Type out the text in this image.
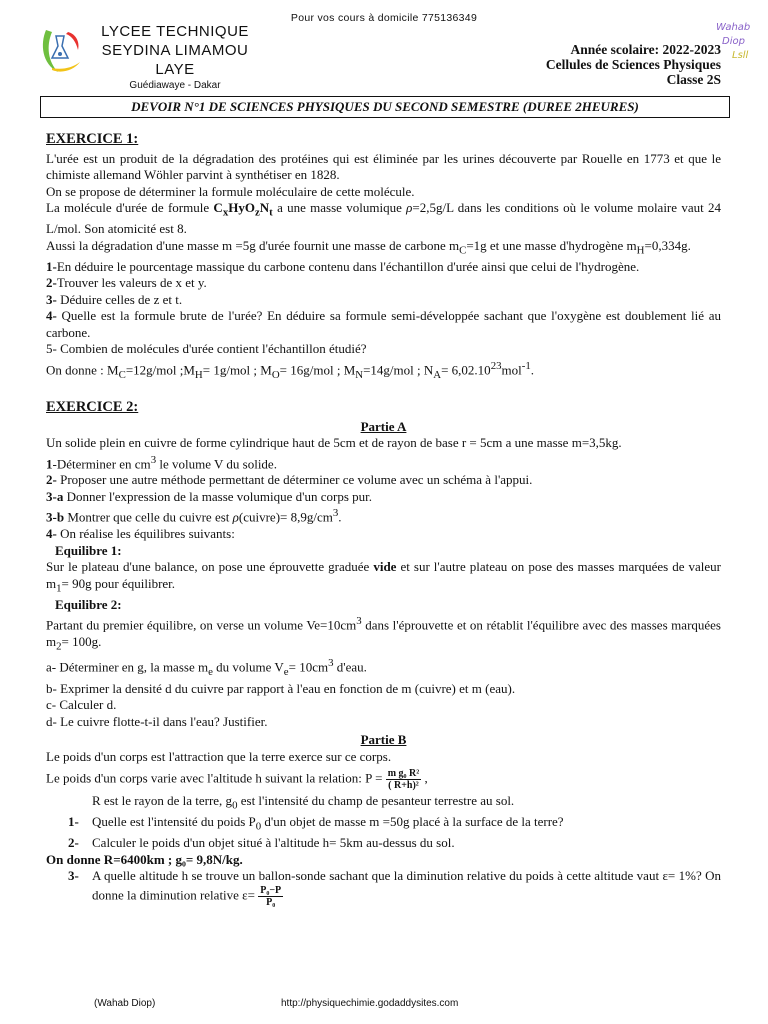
Pour vos cours à domicile 775136349
LYCEE TECHNIQUE
SEYDINA LIMAMOU LAYE
Guédiawaye - Dakar
Wahab
Diop
Lsll
Année scolaire: 2022-2023
Cellules de Sciences Physiques
Classe 2S
DEVOIR N°1 DE SCIENCES PHYSIQUES DU SECOND SEMESTRE (DUREE 2HEURES)
EXERCICE 1:

L'urée est un produit de la dégradation des protéines qui est éliminée par les urines découverte par Rouelle en 1773 et que le chimiste allemand Wöhler parvint à synthétiser en 1828.

On se propose de déterminer la formule moléculaire de cette molécule.

La molécule d'urée de formule $C_xHyO_zN_t$ a une masse volumique ρ=2,5g/L dans les conditions où le volume molaire vaut 24 L/mol. Son atomicité est 8.

Aussi la dégradation d'une masse m =5g d'urée fournit une masse de carbone $m_C=1g$ et une masse d'hydrogène $m_H=0,334g$.

1-En déduire le pourcentage massique du carbone contenu dans l'échantillon d'urée ainsi que celui de l'hydrogène.

2-Trouver les valeurs de x et y.

3- Déduire celles de z et t.

4- Quelle est la formule brute de l'urée? En déduire sa formule semi-développée sachant que l'oxygène est doublement lié au carbone.

5- Combien de molécules d'urée contient l'échantillon étudié?

On donne : $M_C=12g$/mol $;M_H= 1g/mol$ ; $M_O= 16g/mol$ ; $M_N=14g$/mol ; $N_A= 6,02.10^{23}mol^{-1}$.

EXERCICE 2:

Partie A

Un solide plein en cuivre de forme cylindrique haut de 5cm et de rayon de base r = 5cm a une masse m=3,5kg.

1-Déterminer en $cm^3$ le volume V du solide.

2- Proposer une autre méthode permettant de déterminer ce volume avec un schéma à l'appui.

3-a Donner l'expression de la masse volumique d'un corps pur.

3-b Montrer que celle du cuivre est ρ(cuivre)= $8,9g/cm^3$.

4- On réalise les équilibres suivants:

Equilibre 1:

Sur le plateau d'une balance, on pose une éprouvette graduée vide et sur l'autre plateau on pose des masses marquées de valeur $m_1= 90g$ pour équilibrer.

Equilibre 2:

Partant du premier équilibre, on verse un volume $Ve=10cm^3$ dans l'éprouvette et on rétablit l'équilibre avec des masses marquées $m_2= 100g$.

a- Déterminer en g, la masse $m_e$ du volume $V_e= 10cm^3$ d'eau.

b- Exprimer la densité d du cuivre par rapport à l'eau en fonction de m (cuivre) et m (eau).

c- Calculer d.

d- Le cuivre flotte-t-il dans l'eau? Justifier.

Partie B

Le poids d'un corps est l'attraction que la terre exerce sur ce corps.

Le poids d'un corps varie avec l'altitude h suivant la relation: $P = \frac{\text{m g₀ R²}}{\text{( R+h)²}}$ ,

R est le rayon de la terre, $g_0$ est l'intensité du champ de pesanteur terrestre au sol.

1-	Quelle est l'intensité du poids $P_0$ d'un objet de masse m =50g placé à la surface de la terre?
2-	Calculer le poids d'un objet situé à l'altitude h= 5km au-dessus du sol.

On donne R=6400km ; g₀= 9,8N/kg.

3-	A quelle altitude h se trouve un ballon-sonde sachant que la diminution relative du poids à cette altitude vaut ε= 1%? On donne la diminution relative $\varepsilon= \frac{\text{P₀−P}}{\text{P₀}}$
(Wahab Diop)	http://physiquechimie.godaddysites.com
